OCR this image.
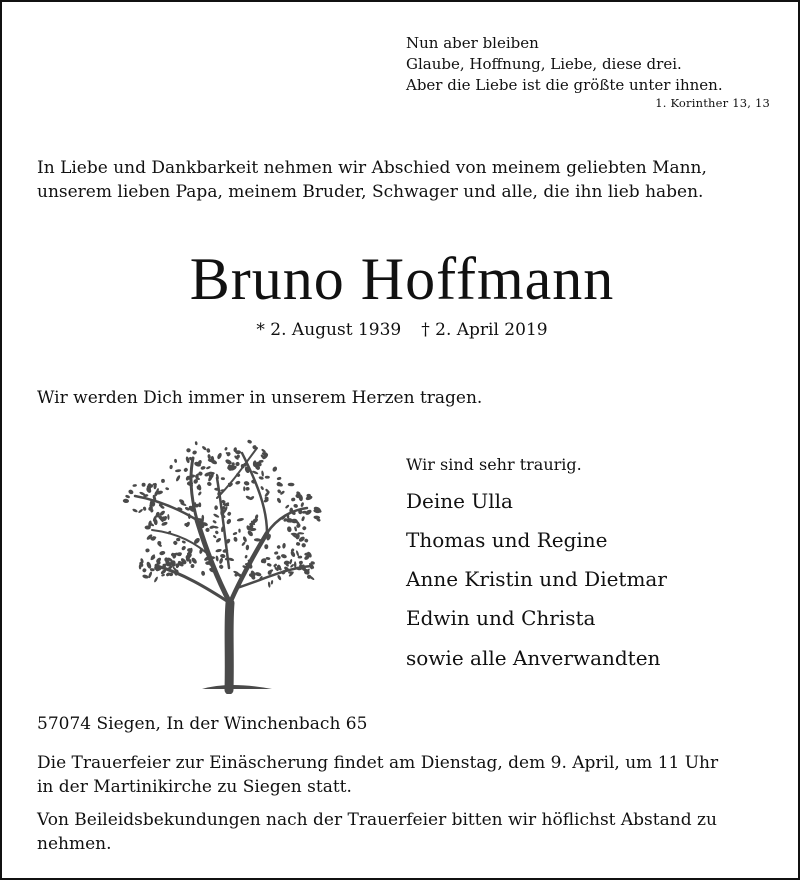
Nun aber bleiben
Glaube, Hoffnung, Liebe, diese drei.
Aber die Liebe ist die größte unter ihnen.
1. Korinther 13, 13
In Liebe und Dankbarkeit nehmen wir Abschied von meinem geliebten Mann,
unserem lieben Papa, meinem Bruder, Schwager und alle, die ihn lieb haben.
Bruno Hoffmann
* 2. August 1939 † 2. April 2019
Wir werden Dich immer in unserem Herzen tragen.
Wir sind sehr traurig.
Deine Ulla
Thomas und Regine
Anne Kristin und Dietmar
Edwin und Christa
sowie alle Anverwandten
57074 Siegen, In der Winchenbach 65
Die Trauerfeier zur Einäscherung findet am Dienstag, dem 9. April, um 11 Uhr
in der Martinikirche zu Siegen statt.
Von Beileidsbekundungen nach der Trauerfeier bitten wir höflichst Abstand zu
nehmen.
